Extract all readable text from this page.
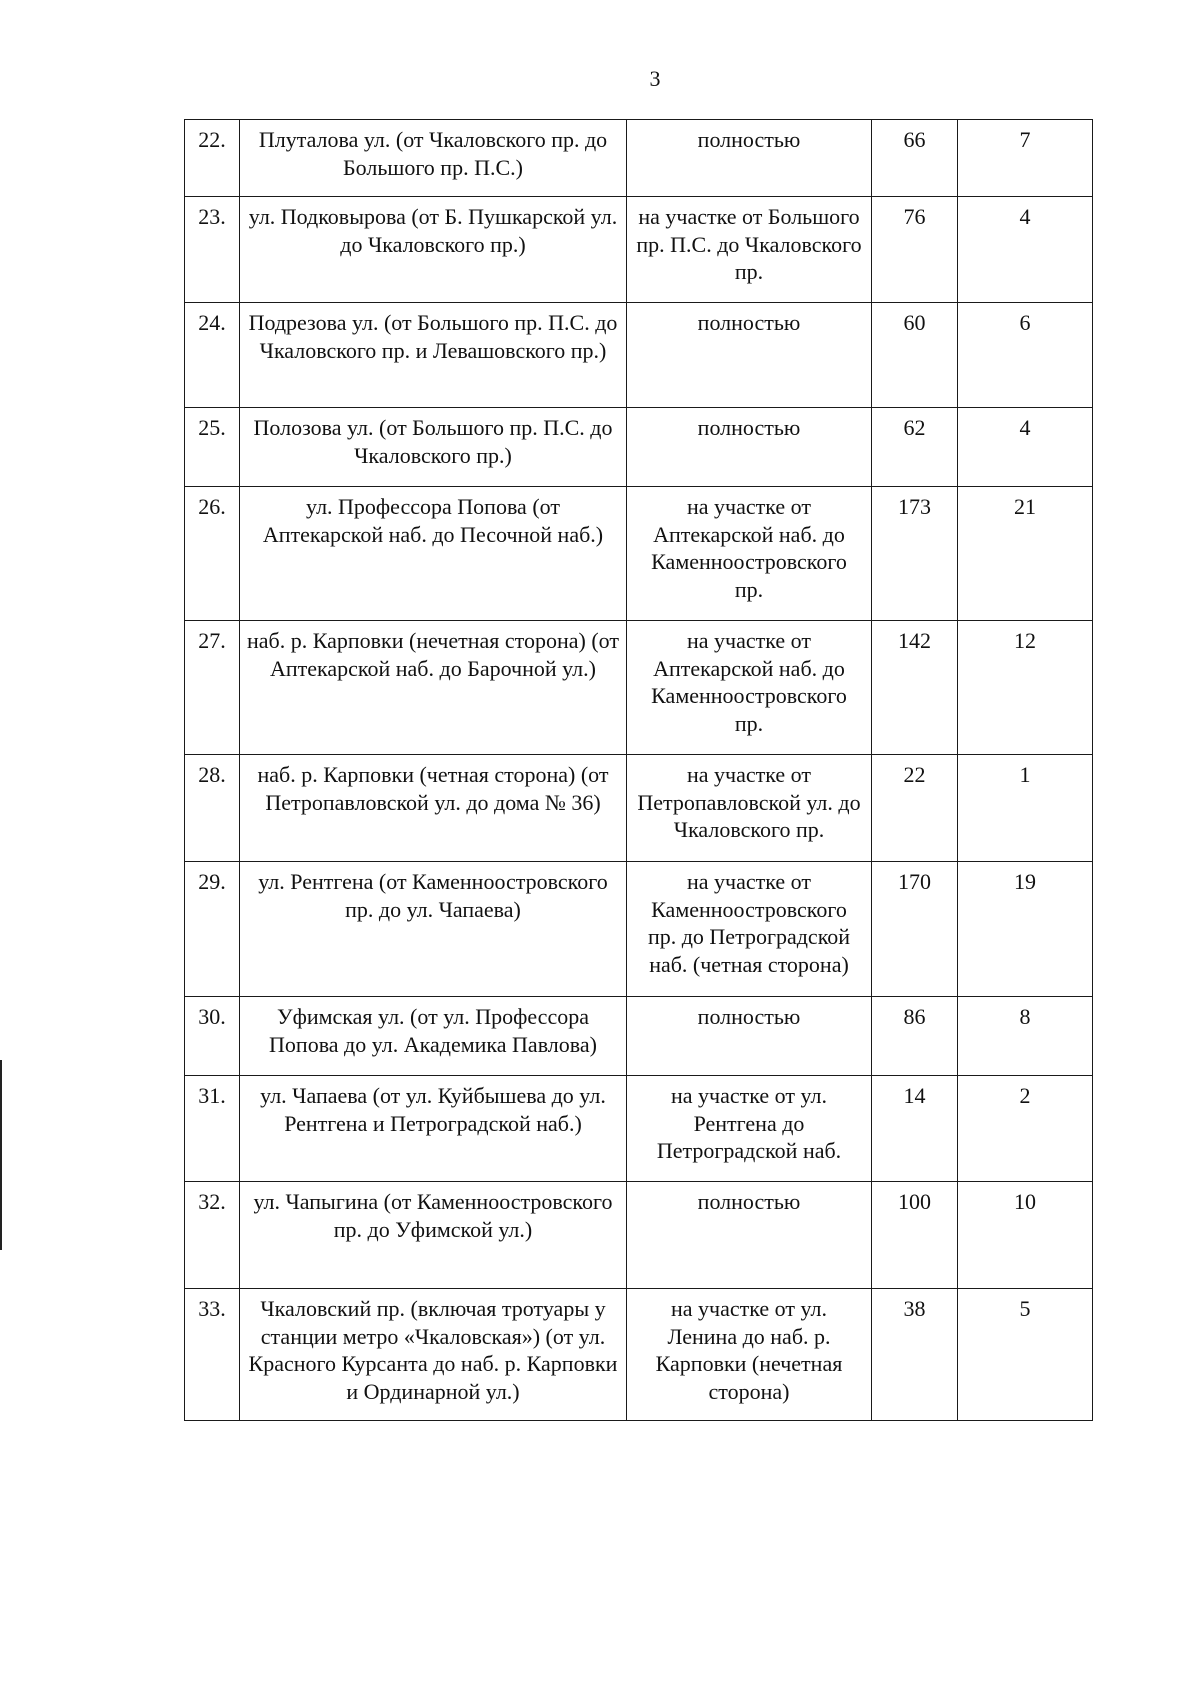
3
22.	Плуталова ул. (от Чкаловского пр. до Большого пр. П.С.)	полностью	66	7
23.	ул. Подковырова (от Б. Пушкарской ул. до Чкаловского пр.)	на участке от Большого пр. П.С. до Чкаловского пр.	76	4
24.	Подрезова ул. (от Большого пр. П.С. до Чкаловского пр. и Левашовского пр.)	полностью	60	6
25.	Полозова ул. (от Большого пр. П.С. до Чкаловского пр.)	полностью	62	4
26.	ул. Профессора Попова (от Аптекарской наб. до Песочной наб.)	на участке от Аптекарской наб. до Каменноостровского пр.	173	21
27.	наб. р. Карповки (нечетная сторона) (от Аптекарской наб. до Барочной ул.)	на участке от Аптекарской наб. до Каменноостровского пр.	142	12
28.	наб. р. Карповки (четная сторона) (от Петропавловской ул. до дома № 36)	на участке от Петропавловской ул. до Чкаловского пр.	22	1
29.	ул. Рентгена (от Каменноостровского пр. до ул. Чапаева)	на участке от Каменноостровского пр. до Петроградской наб. (четная сторона)	170	19
30.	Уфимская ул. (от ул. Профессора Попова до ул. Академика Павлова)	полностью	86	8
31.	ул. Чапаева (от ул. Куйбышева до ул. Рентгена и Петроградской наб.)	на участке от ул. Рентгена до Петроградской наб.	14	2
32.	ул. Чапыгина (от Каменноостровского пр. до Уфимской ул.)	полностью	100	10
33.	Чкаловский пр. (включая тротуары у станции метро «Чкаловская») (от ул. Красного Курсанта до наб. р. Карповки и Ординарной ул.)	на участке от ул. Ленина до наб. р. Карповки (нечетная сторона)	38	5
